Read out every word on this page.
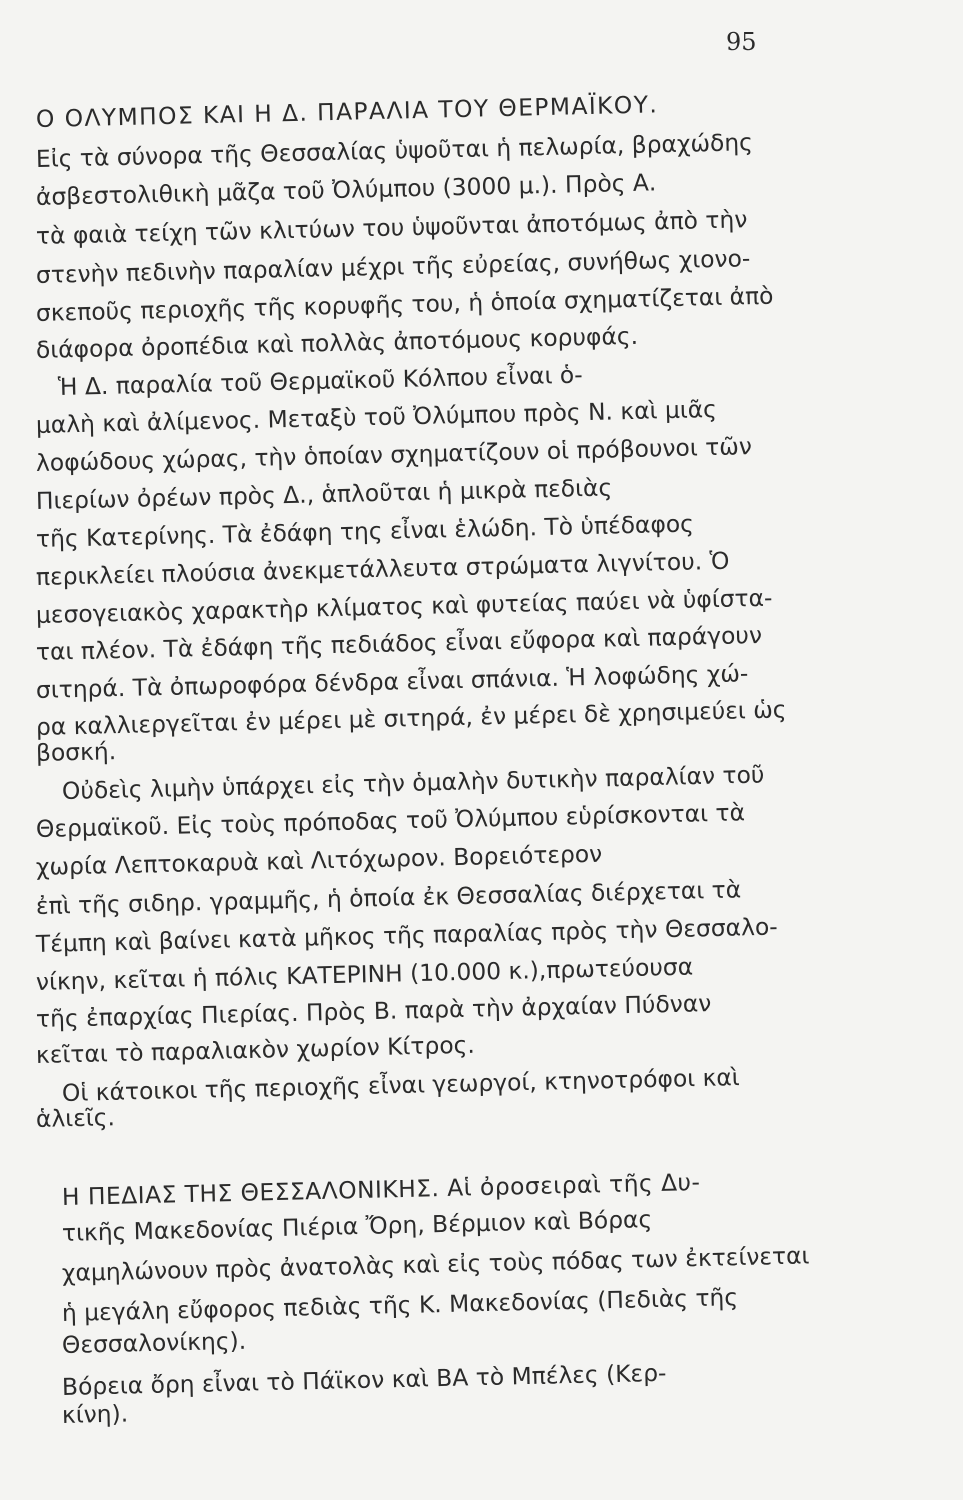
95
Ο ΟΛΥΜΠΟΣ ΚΑΙ Η Δ. ΠΑΡΑΛΙΑ ΤΟΥ ΘΕΡΜΑΪΚΟΥ.
Εἰς τὰ σύνορα τῆς Θεσσαλίας ὑψοῦται ἡ πελωρία, βραχώδης
ἀσβεστολιθικὴ μᾶζα τοῦ Ὀλύμπου (3000 μ.). Πρὸς Α.
τὰ φαιὰ τείχη τῶν κλιτύων του ὑψοῦνται ἀποτόμως ἀπὸ τὴν
στενὴν πεδινὴν παραλίαν μέχρι τῆς εὐρείας, συνήθως χιονο-
σκεποῦς περιοχῆς τῆς κορυφῆς του, ἡ ὁποία σχηματίζεται ἀπὸ
διάφορα ὀροπέδια καὶ πολλὰς ἀποτόμους κορυφάς.
Ἡ Δ. παραλία τοῦ Θερμαϊκοῦ Κόλπου εἶναι ὁ-
μαλὴ καὶ ἀλίμενος. Μεταξὺ τοῦ Ὀλύμπου πρὸς Ν. καὶ μιᾶς
λοφώδους χώρας, τὴν ὁποίαν σχηματίζουν οἱ πρόβουνοι τῶν
Πιερίων ὀρέων πρὸς Δ., ἁπλοῦται ἡ μικρὰ πεδιὰς
τῆς Κατερίνης. Τὰ ἐδάφη της εἶναι ἑλώδη. Τὸ ὑπέδαφος
περικλείει πλούσια ἀνεκμετάλλευτα στρώματα λιγνίτου. Ὁ
μεσογειακὸς χαρακτὴρ κλίματος καὶ φυτείας παύει νὰ ὑφίστα-
ται πλέον. Τὰ ἐδάφη τῆς πεδιάδος εἶναι εὔφορα καὶ παράγουν
σιτηρά. Τὰ ὀπωροφόρα δένδρα εἶναι σπάνια. Ἡ λοφώδης χώ-
ρα καλλιεργεῖται ἐν μέρει μὲ σιτηρά, ἐν μέρει δὲ χρησιμεύει ὡς
βοσκή.
Οὐδεὶς λιμὴν ὑπάρχει εἰς τὴν ὁμαλὴν δυτικὴν παραλίαν τοῦ
Θερμαϊκοῦ. Εἰς τοὺς πρόποδας τοῦ Ὀλύμπου εὑρίσκονται τὰ
χωρία Λεπτοκαρυὰ καὶ Λιτόχωρον. Βορειότερον
ἐπὶ τῆς σιδηρ. γραμμῆς, ἡ ὁποία ἐκ Θεσσαλίας διέρχεται τὰ
Τέμπη καὶ βαίνει κατὰ μῆκος τῆς παραλίας πρὸς τὴν Θεσσαλο-
νίκην, κεῖται ἡ πόλις ΚΑΤΕΡΙΝΗ (10.000 κ.),πρωτεύουσα
τῆς ἐπαρχίας Πιερίας. Πρὸς Β. παρὰ τὴν ἀρχαίαν Πύδναν
κεῖται τὸ παραλιακὸν χωρίον Κίτρος.
Οἱ κάτοικοι τῆς περιοχῆς εἶναι γεωργοί, κτηνοτρόφοι καὶ
ἁλιεῖς.
Η ΠΕΔΙΑΣ ΤΗΣ ΘΕΣΣΑΛΟΝΙΚΗΣ. Αἱ ὀροσειραὶ τῆς Δυ-
τικῆς Μακεδονίας Πιέρια Ὄρη, Βέρμιον καὶ Βόρας
χαμηλώνουν πρὸς ἀνατολὰς καὶ εἰς τοὺς πόδας των ἐκτείνεται
ἡ μεγάλη εὔφορος πεδιὰς τῆς Κ. Μακεδονίας (Πεδιὰς τῆς
Θεσσαλονίκης).
Βόρεια ὄρη εἶναι τὸ Πάϊκον καὶ ΒΑ τὸ Μπέλες (Κερ-
κίνη).
